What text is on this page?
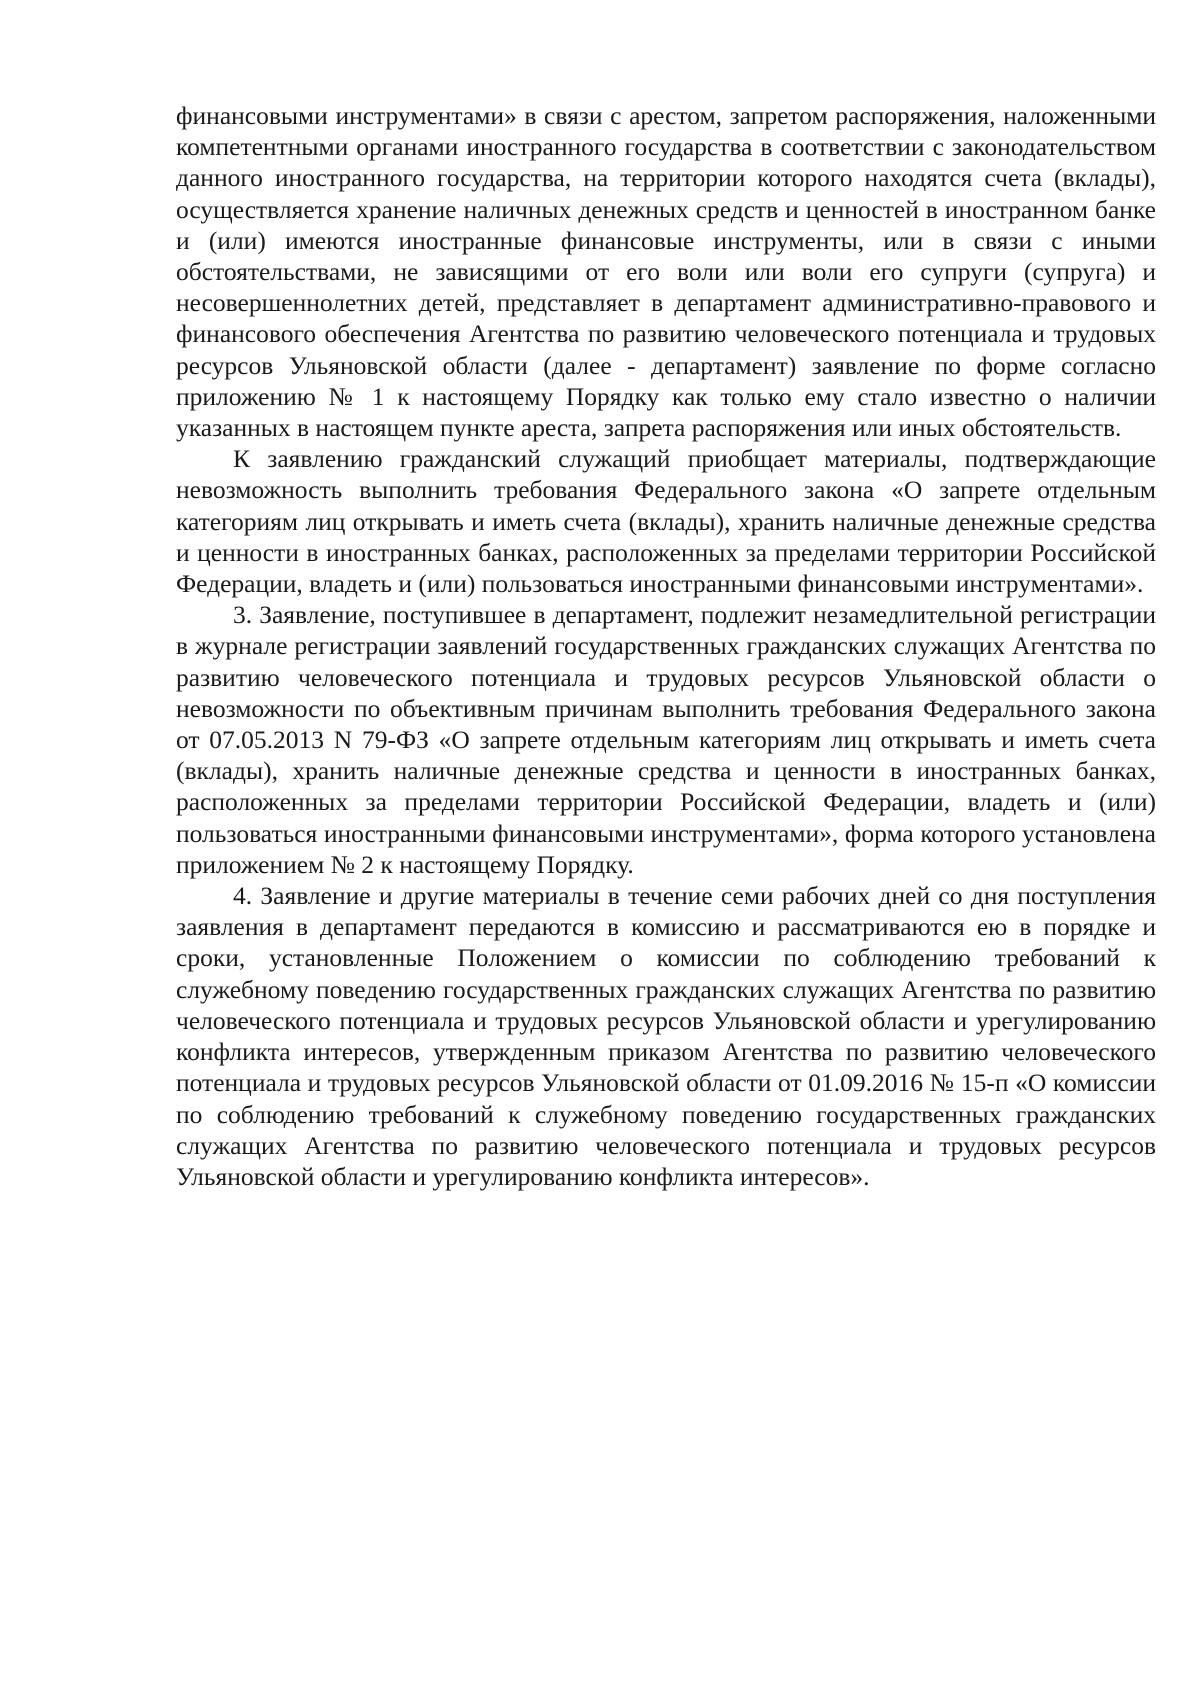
финансовыми инструментами» в связи с арестом, запретом распоряжения, наложенными компетентными органами иностранного государства в соответствии с законодательством данного иностранного государства, на территории которого находятся счета (вклады), осуществляется хранение наличных денежных средств и ценностей в иностранном банке и (или) имеются иностранные финансовые инструменты, или в связи с иными обстоятельствами, не зависящими от его воли или воли его супруги (супруга) и несовершеннолетних детей, представляет в департамент административно-правового и финансового обеспечения Агентства по развитию человеческого потенциала и трудовых ресурсов Ульяновской области (далее - департамент) заявление по форме согласно приложению № 1 к настоящему Порядку как только ему стало известно о наличии указанных в настоящем пункте ареста, запрета распоряжения или иных обстоятельств.

К заявлению гражданский служащий приобщает материалы, подтверждающие невозможность выполнить требования Федерального закона «О запрете отдельным категориям лиц открывать и иметь счета (вклады), хранить наличные денежные средства и ценности в иностранных банках, расположенных за пределами территории Российской Федерации, владеть и (или) пользоваться иностранными финансовыми инструментами».

3. Заявление, поступившее в департамент, подлежит незамедлительной регистрации в журнале регистрации заявлений государственных гражданских служащих Агентства по развитию человеческого потенциала и трудовых ресурсов Ульяновской области о невозможности по объективным причинам выполнить требования Федерального закона от 07.05.2013 N 79-ФЗ «О запрете отдельным категориям лиц открывать и иметь счета (вклады), хранить наличные денежные средства и ценности в иностранных банках, расположенных за пределами территории Российской Федерации, владеть и (или) пользоваться иностранными финансовыми инструментами», форма которого установлена приложением № 2 к настоящему Порядку.

4. Заявление и другие материалы в течение семи рабочих дней со дня поступления заявления в департамент передаются в комиссию и рассматриваются ею в порядке и сроки, установленные Положением о комиссии по соблюдению требований к служебному поведению государственных гражданских служащих Агентства по развитию человеческого потенциала и трудовых ресурсов Ульяновской области и урегулированию конфликта интересов, утвержденным приказом Агентства по развитию человеческого потенциала и трудовых ресурсов Ульяновской области от 01.09.2016 № 15-п «О комиссии по соблюдению требований к служебному поведению государственных гражданских служащих Агентства по развитию человеческого потенциала и трудовых ресурсов Ульяновской области и урегулированию конфликта интересов».
